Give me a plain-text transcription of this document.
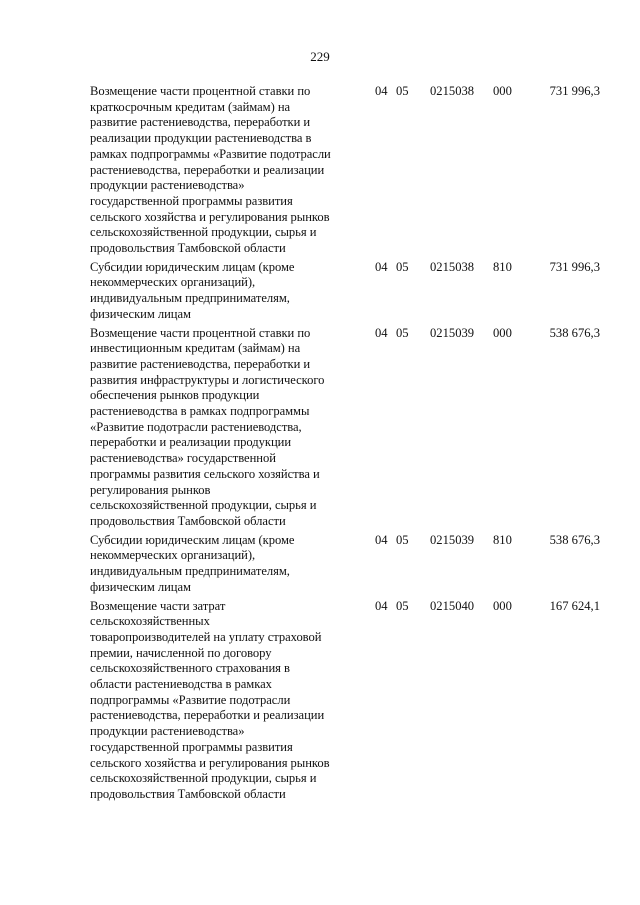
229
Возмещение части процентной ставки по
краткосрочным кредитам (займам) на
развитие растениеводства, переработки и
реализации продукции растениеводства в
рамках подпрограммы «Развитие подотрасли
растениеводства, переработки и реализации
продукции растениеводства»
государственной программы развития
сельского хозяйства и регулирования рынков
сельскохозяйственной продукции, сырья и
продовольствия Тамбовской области
04 05 0215038 000	731 996,3
Субсидии юридическим лицам (кроме
некоммерческих организаций),
индивидуальным предпринимателям,
физическим лицам
04 05 0215038 810	731 996,3
Возмещение части процентной ставки по
инвестиционным кредитам (займам) на
развитие растениеводства, переработки и
развития инфраструктуры и логистического
обеспечения рынков продукции
растениеводства в рамках подпрограммы
«Развитие подотрасли растениеводства,
переработки и реализации продукции
растениеводства» государственной
программы развития сельского хозяйства и
регулирования рынков
сельскохозяйственной продукции, сырья и
продовольствия Тамбовской области
04 05 0215039 000	538 676,3
Субсидии юридическим лицам (кроме
некоммерческих организаций),
индивидуальным предпринимателям,
физическим лицам
04 05 0215039 810	538 676,3
Возмещение части затрат
сельскохозяйственных
товаропроизводителей на уплату страховой
премии, начисленной по договору
сельскохозяйственного страхования в
области растениеводства в рамках
подпрограммы «Развитие подотрасли
растениеводства, переработки и реализации
продукции растениеводства»
государственной программы развития
сельского хозяйства и регулирования рынков
сельскохозяйственной продукции, сырья и
продовольствия Тамбовской области
04 05 0215040 000	167 624,1
